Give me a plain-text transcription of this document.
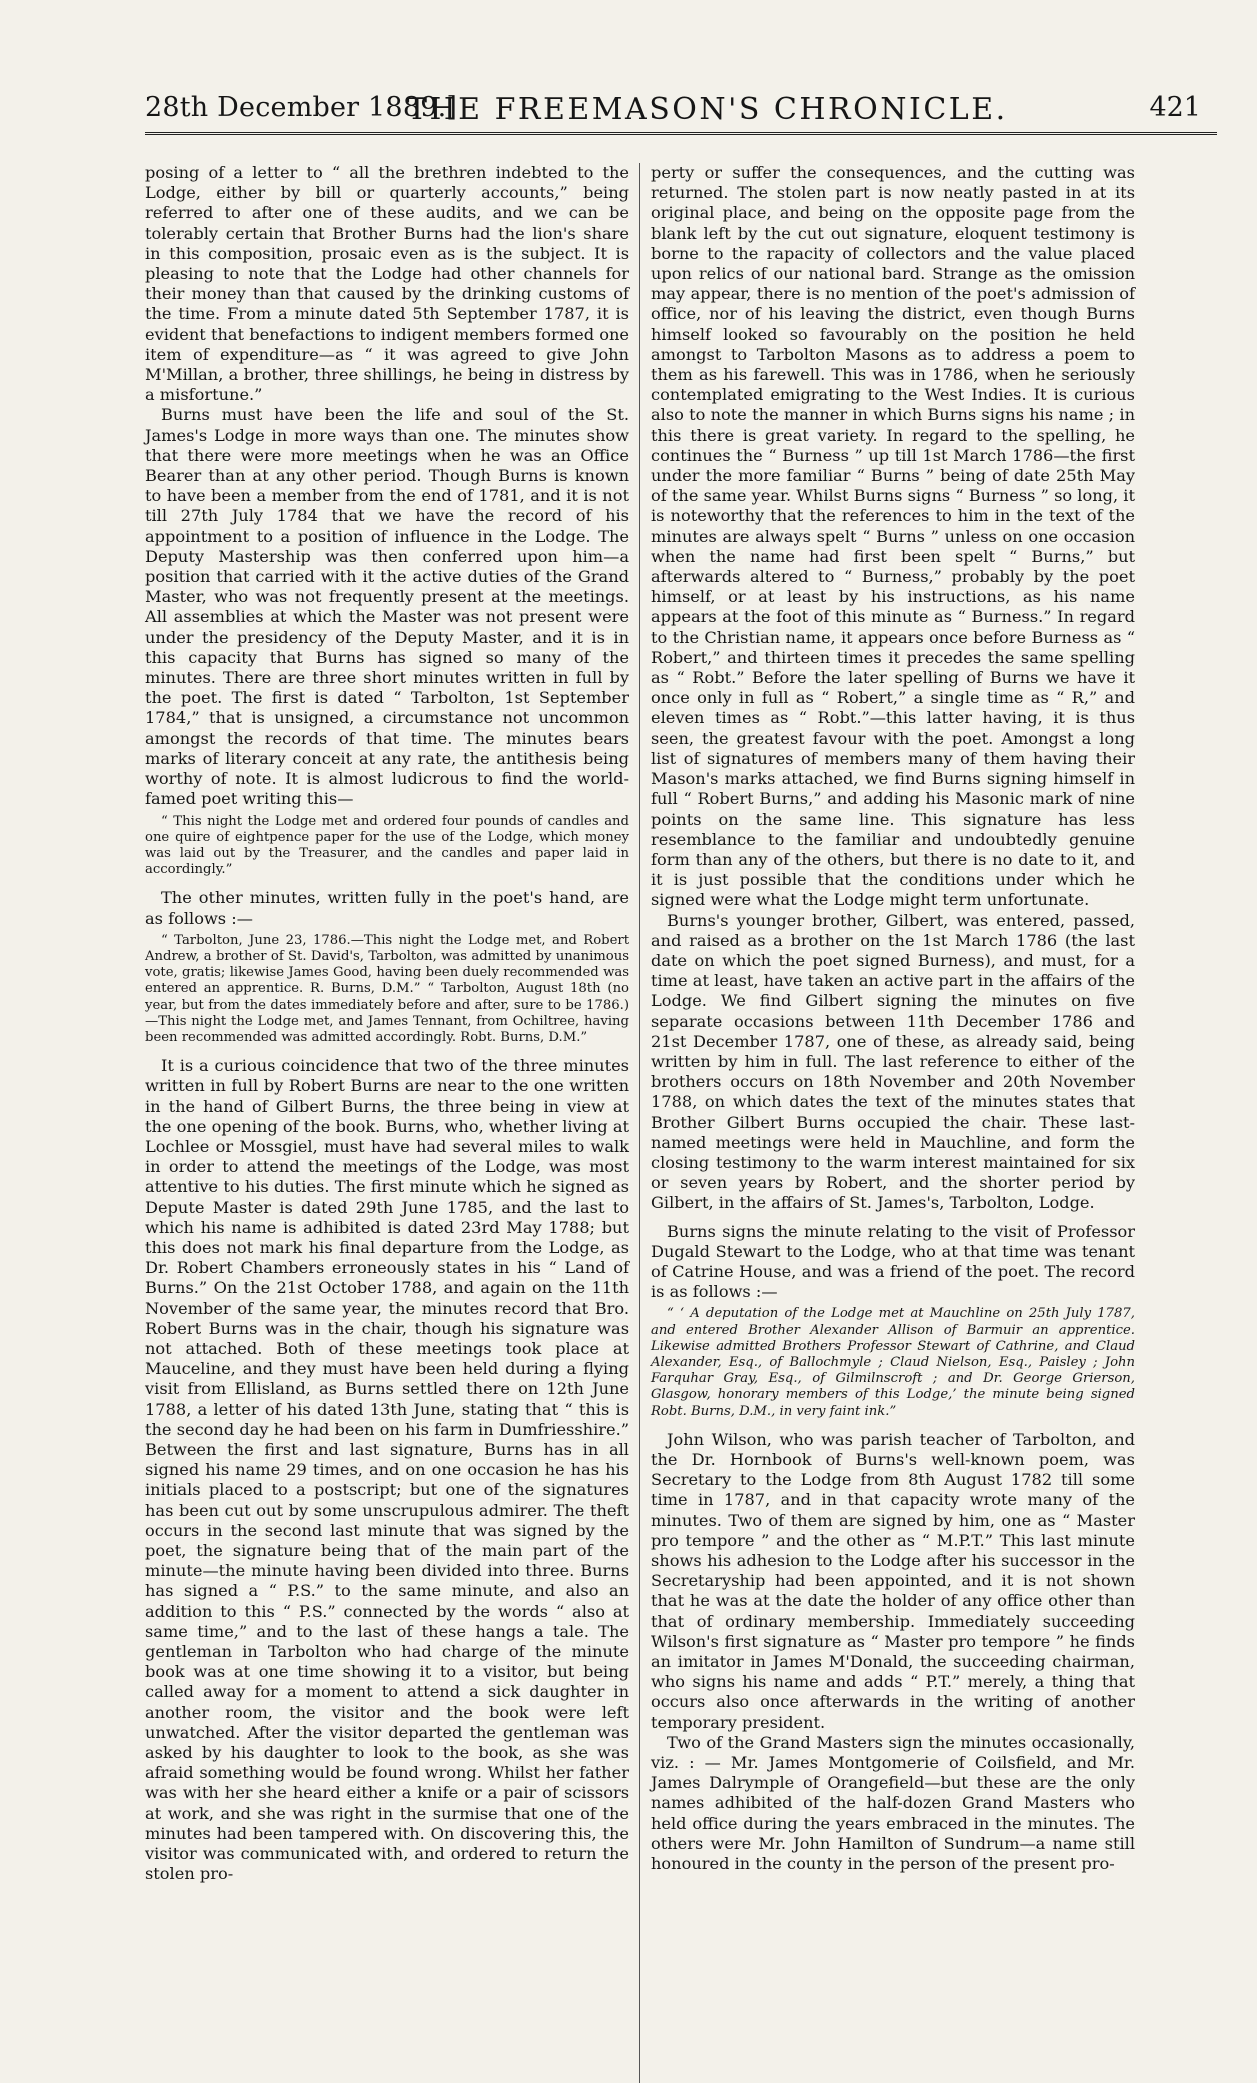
28th December 1889.]
THE FREEMASON'S CHRONICLE.	421

posing of a letter to “ all the brethren indebted to the Lodge, either by bill or quarterly accounts,” being referred to after one of these audits, and we can be tolerably certain that Brother Burns had the lion's share in this composition, prosaic even as is the subject. It is pleasing to note that the Lodge had other channels for their money than that caused by the drinking customs of the time. From a minute dated 5th September 1787, it is evident that benefactions to indigent members formed one item of expenditure—as “ it was agreed to give John M'Millan, a brother, three shillings, he being in distress by a misfortune.”

Burns must have been the life and soul of the St. James's Lodge in more ways than one. The minutes show that there were more meetings when he was an Office Bearer than at any other period. Though Burns is known to have been a member from the end of 1781, and it is not till 27th July 1784 that we have the record of his appointment to a position of influence in the Lodge. The Deputy Mastership was then conferred upon him—a position that carried with it the active duties of the Grand Master, who was not frequently present at the meetings. All assemblies at which the Master was not present were under the presidency of the Deputy Master, and it is in this capacity that Burns has signed so many of the minutes. There are three short minutes written in full by the poet. The first is dated “ Tarbolton, 1st September 1784,” that is unsigned, a circumstance not uncommon amongst the records of that time. The minutes bears marks of literary conceit at any rate, the antithesis being worthy of note. It is almost ludicrous to find the world-famed poet writing this—

“ This night the Lodge met and ordered four pounds of candles and one quire of eightpence paper for the use of the Lodge, which money was laid out by the Treasurer, and the candles and paper laid in accordingly.”

The other minutes, written fully in the poet's hand, are as follows :—

“ Tarbolton, June 23, 1786.—This night the Lodge met, and Robert Andrew, a brother of St. David's, Tarbolton, was admitted by unanimous vote, gratis; likewise James Good, having been duely recommended was entered an apprentice. R. Burns, D.M.” “ Tarbolton, August 18th (no year, but from the dates immediately before and after, sure to be 1786.)—This night the Lodge met, and James Tennant, from Ochiltree, having been recommended was admitted accordingly. Robt. Burns, D.M.”

It is a curious coincidence that two of the three minutes written in full by Robert Burns are near to the one written in the hand of Gilbert Burns, the three being in view at the one opening of the book. Burns, who, whether living at Lochlee or Mossgiel, must have had several miles to walk in order to attend the meetings of the Lodge, was most attentive to his duties. The first minute which he signed as Depute Master is dated 29th June 1785, and the last to which his name is adhibited is dated 23rd May 1788; but this does not mark his final departure from the Lodge, as Dr. Robert Chambers erroneously states in his “ Land of Burns.” On the 21st October 1788, and again on the 11th November of the same year, the minutes record that Bro. Robert Burns was in the chair, though his signature was not attached. Both of these meetings took place at Mauceline, and they must have been held during a flying visit from Ellisland, as Burns settled there on 12th June 1788, a letter of his dated 13th June, stating that “ this is the second day he had been on his farm in Dumfriesshire.” Between the first and last signature, Burns has in all signed his name 29 times, and on one occasion he has his initials placed to a postscript; but one of the signatures has been cut out by some unscrupulous admirer. The theft occurs in the second last minute that was signed by the poet, the signature being that of the main part of the minute—the minute having been divided into three. Burns has signed a “ P.S.” to the same minute, and also an addition to this “ P.S.” connected by the words “ also at same time,” and to the last of these hangs a tale. The gentleman in Tarbolton who had charge of the minute book was at one time showing it to a visitor, but being called away for a moment to attend a sick daughter in another room, the visitor and the book were left unwatched. After the visitor departed the gentleman was asked by his daughter to look to the book, as she was afraid something would be found wrong. Whilst her father was with her she heard either a knife or a pair of scissors at work, and she was right in the surmise that one of the minutes had been tampered with. On discovering this, the visitor was communicated with, and ordered to return the stolen pro-

perty or suffer the consequences, and the cutting was returned. The stolen part is now neatly pasted in at its original place, and being on the opposite page from the blank left by the cut out signature, eloquent testimony is borne to the rapacity of collectors and the value placed upon relics of our national bard. Strange as the omission may appear, there is no mention of the poet's admission of office, nor of his leaving the district, even though Burns himself looked so favourably on the position he held amongst to Tarbolton Masons as to address a poem to them as his farewell. This was in 1786, when he seriously contemplated emigrating to the West Indies. It is curious also to note the manner in which Burns signs his name ; in this there is great variety. In regard to the spelling, he continues the “ Burness ” up till 1st March 1786—the first under the more familiar “ Burns ” being of date 25th May of the same year. Whilst Burns signs “ Burness ” so long, it is noteworthy that the references to him in the text of the minutes are always spelt “ Burns ” unless on one occasion when the name had first been spelt “ Burns,” but afterwards altered to “ Burness,” probably by the poet himself, or at least by his instructions, as his name appears at the foot of this minute as “ Burness.” In regard to the Christian name, it appears once before Burness as “ Robert,” and thirteen times it precedes the same spelling as “ Robt.” Before the later spelling of Burns we have it once only in full as “ Robert,” a single time as “ R,” and eleven times as “ Robt.”—this latter having, it is thus seen, the greatest favour with the poet. Amongst a long list of signatures of members many of them having their Mason's marks attached, we find Burns signing himself in full “ Robert Burns,” and adding his Masonic mark of nine points on the same line. This signature has less resemblance to the familiar and undoubtedly genuine form than any of the others, but there is no date to it, and it is just possible that the conditions under which he signed were what the Lodge might term unfortunate.

Burns's younger brother, Gilbert, was entered, passed, and raised as a brother on the 1st March 1786 (the last date on which the poet signed Burness), and must, for a time at least, have taken an active part in the affairs of the Lodge. We find Gilbert signing the minutes on five separate occasions between 11th December 1786 and 21st December 1787, one of these, as already said, being written by him in full. The last reference to either of the brothers occurs on 18th November and 20th November 1788, on which dates the text of the minutes states that Brother Gilbert Burns occupied the chair. These last-named meetings were held in Mauchline, and form the closing testimony to the warm interest maintained for six or seven years by Robert, and the shorter period by Gilbert, in the affairs of St. James's, Tarbolton, Lodge.

Burns signs the minute relating to the visit of Professor Dugald Stewart to the Lodge, who at that time was tenant of Catrine House, and was a friend of the poet. The record is as follows :—

“ ‘ A deputation of the Lodge met at Mauchline on 25th July 1787, and entered Brother Alexander Allison of Barmuir an apprentice. Likewise admitted Brothers Professor Stewart of Cathrine, and Claud Alexander, Esq., of Ballochmyle ; Claud Nielson, Esq., Paisley ; John Farquhar Gray, Esq., of Gilmilnscroft ; and Dr. George Grierson, Glasgow, honorary members of this Lodge,’ the minute being signed Robt. Burns, D.M., in very faint ink.”

John Wilson, who was parish teacher of Tarbolton, and the Dr. Hornbook of Burns's well-known poem, was Secretary to the Lodge from 8th August 1782 till some time in 1787, and in that capacity wrote many of the minutes. Two of them are signed by him, one as “ Master pro tempore ” and the other as “ M.P.T.” This last minute shows his adhesion to the Lodge after his successor in the Secretaryship had been appointed, and it is not shown that he was at the date the holder of any office other than that of ordinary membership. Immediately succeeding Wilson's first signature as “ Master pro tempore ” he finds an imitator in James M'Donald, the succeeding chairman, who signs his name and adds “ P.T.” merely, a thing that occurs also once afterwards in the writing of another temporary president.

Two of the Grand Masters sign the minutes occasionally, viz. : — Mr. James Montgomerie of Coilsfield, and Mr. James Dalrymple of Orangefield—but these are the only names adhibited of the half-dozen Grand Masters who held office during the years embraced in the minutes. The others were Mr. John Hamilton of Sundrum—a name still honoured in the county in the person of the present pro-
